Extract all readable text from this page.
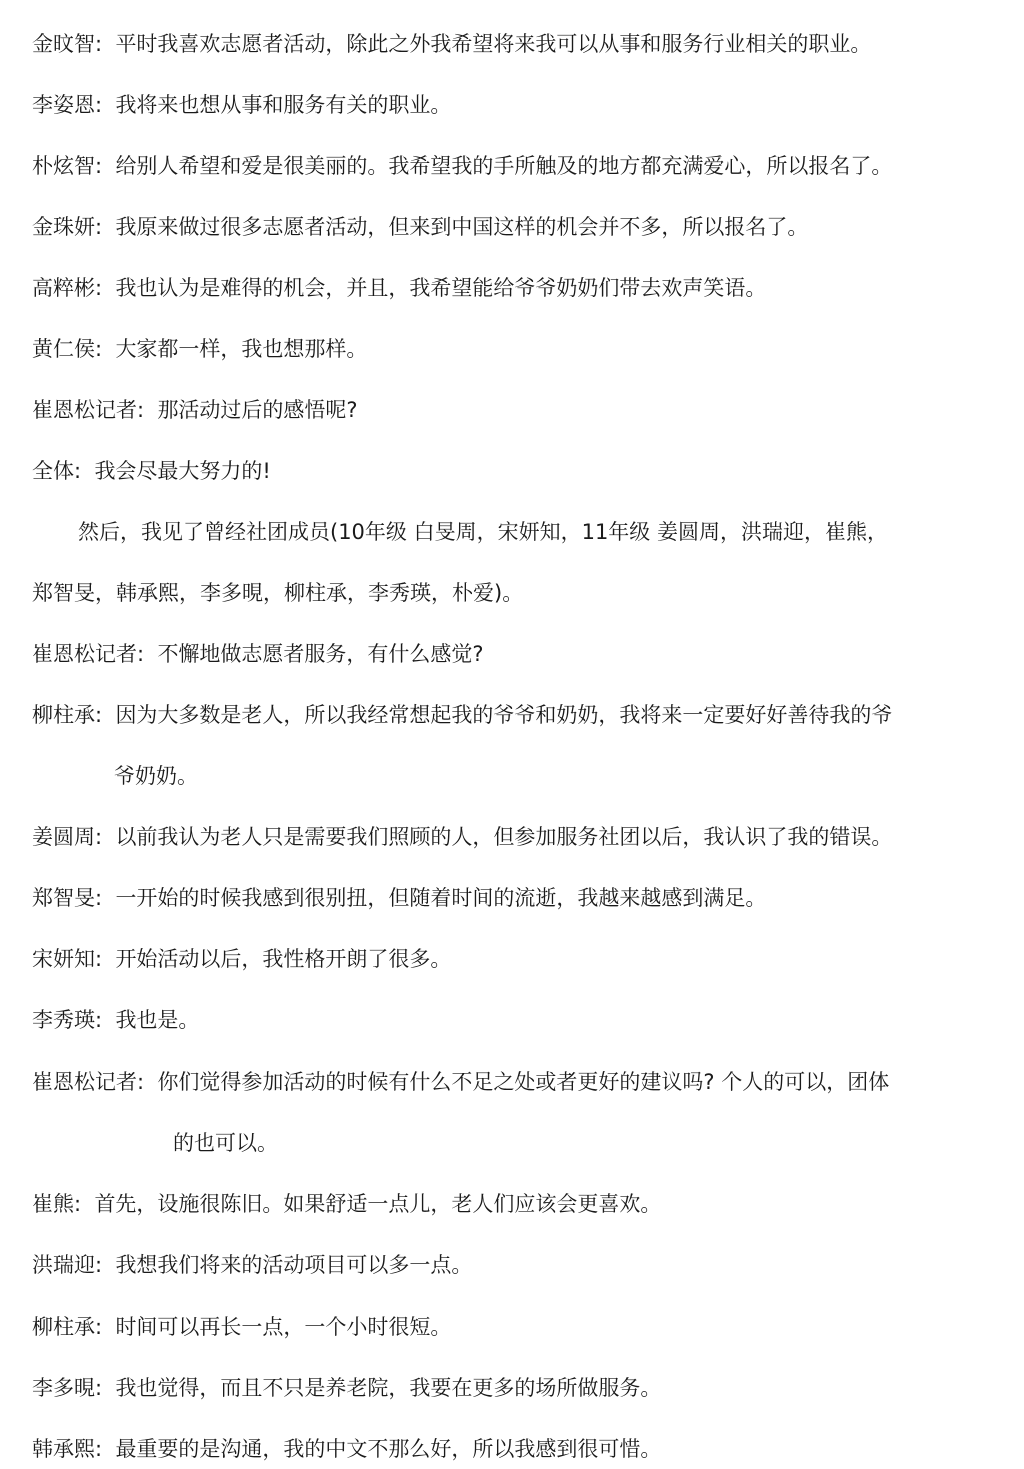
金旼智:  平时我喜欢志愿者活动，除此之外我希望将来我可以从事和服务行业相关的职业。
李姿恩:  我将来也想从事和服务有关的职业。
朴炫智:  给别人希望和爱是很美丽的。我希望我的手所触及的地方都充满爱心，所以报名了。
金珠妍:  我原来做过很多志愿者活动，但来到中国这样的机会并不多，所以报名了。
高粹彬:  我也认为是难得的机会，并且，我希望能给爷爷奶奶们带去欢声笑语。
黄仁侯:  大家都一样，我也想那样。
崔恩松记者:  那活动过后的感悟呢?
全体:  我会尽最大努力的!
然后，我见了曾经社团成员(10年级 白旻周，宋妍知，11年级 姜圆周，洪瑞迎，崔熊，
郑智旻，韩承熙，李多晛，柳柱承，李秀瑛，朴爱)。
崔恩松记者:  不懈地做志愿者服务，有什么感觉?
柳柱承:  因为大多数是老人，所以我经常想起我的爷爷和奶奶，我将来一定要好好善待我的爷
爷奶奶。
姜圆周:  以前我认为老人只是需要我们照顾的人，但参加服务社团以后，我认识了我的错误。
郑智旻:  一开始的时候我感到很别扭，但随着时间的流逝，我越来越感到满足。
宋妍知:  开始活动以后，我性格开朗了很多。
李秀瑛:  我也是。
崔恩松记者:  你们觉得参加活动的时候有什么不足之处或者更好的建议吗? 个人的可以，团体
的也可以。
崔熊:  首先，设施很陈旧。如果舒适一点儿，老人们应该会更喜欢。
洪瑞迎:  我想我们将来的活动项目可以多一点。
柳柱承:  时间可以再长一点，一个小时很短。
李多晛:  我也觉得，而且不只是养老院，我要在更多的场所做服务。
韩承熙:  最重要的是沟通，我的中文不那么好，所以我感到很可惜。
